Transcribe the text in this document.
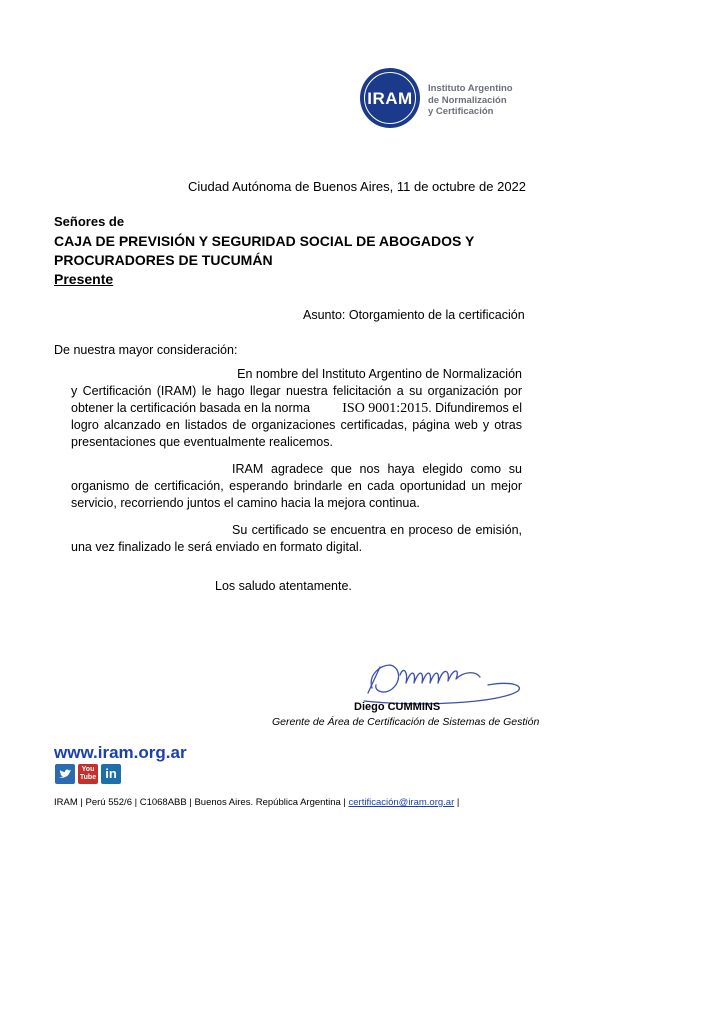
IRAM
Instituto Argentino
de Normalización
y Certificación
Ciudad Autónoma de Buenos Aires, 11 de octubre de 2022
Señores de
CAJA DE PREVISIÓN Y SEGURIDAD SOCIAL DE ABOGADOS Y
PROCURADORES DE TUCUMÁN
Presente
Asunto: Otorgamiento de la certificación
De nuestra mayor consideración:
En nombre del Instituto Argentino de Normalización
y Certificación (IRAM) le hago llegar nuestra felicitación a su organización por
obtener la certificación basada en la norma ISO 9001:2015. Difundiremos el
logro alcanzado en listados de organizaciones certificadas, página web y otras
presentaciones que eventualmente realicemos.
IRAM agradece que nos haya elegido como su
organismo de certificación, esperando brindarle en cada oportunidad un mejor
servicio, recorriendo juntos el camino hacia la mejora continua.
Su certificado se encuentra en proceso de emisión,
una vez finalizado le será enviado en formato digital.
Los saludo atentamente.
Diego CUMMINS
Gerente de Área de Certificación de Sistemas de Gestión
www.iram.org.ar
You
Tube in
IRAM | Perú 552/6 | C1068ABB | Buenos Aires. República Argentina | certificación@iram.org.ar |
